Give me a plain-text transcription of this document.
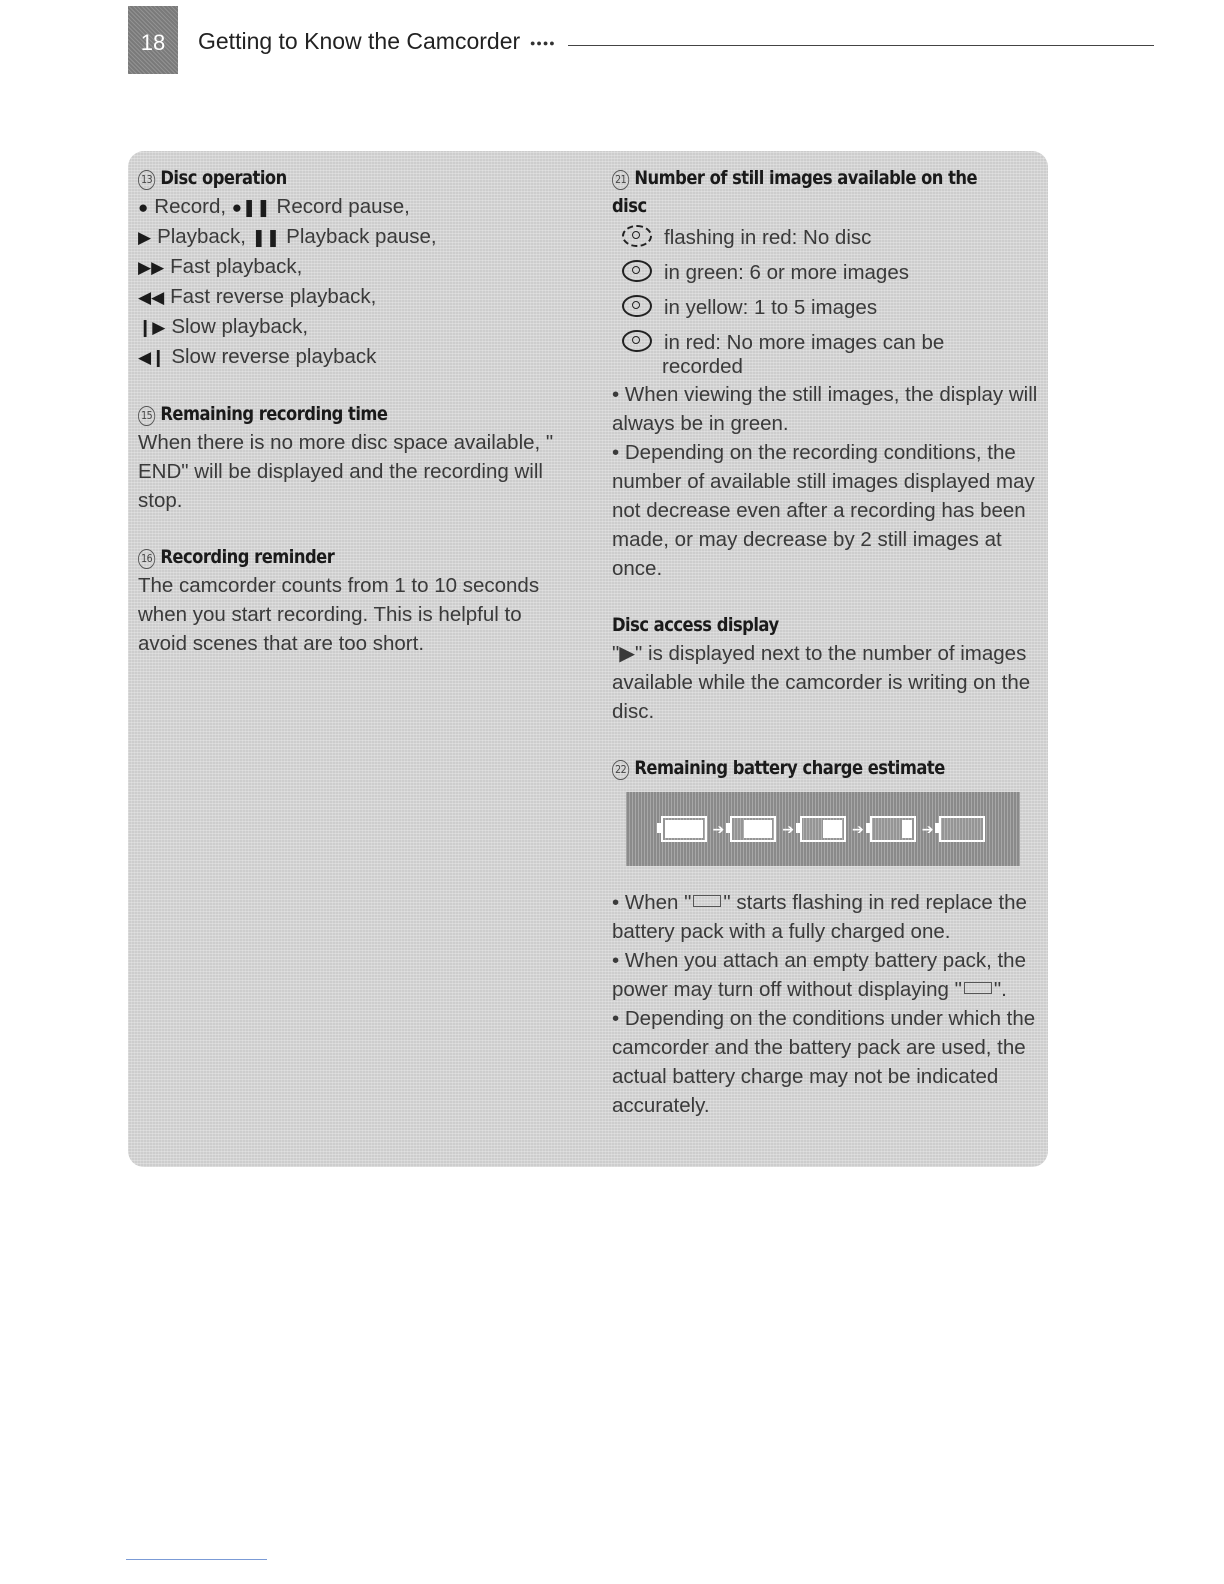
18	Getting to Know the Camcorder ●●●●
13 Disc operation
● Record, ●❚❚ Record pause,
▶ Playback, ❚❚ Playback pause,
▶▶ Fast playback,
◀◀ Fast reverse playback,
❙▶ Slow playback,
◀❙ Slow reverse playback
15 Remaining recording time
When there is no more disc space available, " END" will be displayed and the recording will stop.
16 Recording reminder
The camcorder counts from 1 to 10 seconds when you start recording. This is helpful to avoid scenes that are too short.
21 Number of still images available on the disc
flashing in red: No disc
in green: 6 or more images
in yellow: 1 to 5 images
in red: No more images can be
recorded
• When viewing the still images, the display will always be in green.
• Depending on the recording conditions, the number of available still images displayed may not decrease even after a recording has been made, or may decrease by 2 still images at once.
Disc access display
"▶" is displayed next to the number of images available while the camcorder is writing on the disc.
22 Remaining battery charge estimate
➔	➔	➔	➔
• When " " starts flashing in red replace the battery pack with a fully charged one.
• When you attach an empty battery pack, the power may turn off without displaying " ".
• Depending on the conditions under which the camcorder and the battery pack are used, the actual battery charge may not be indicated accurately.
